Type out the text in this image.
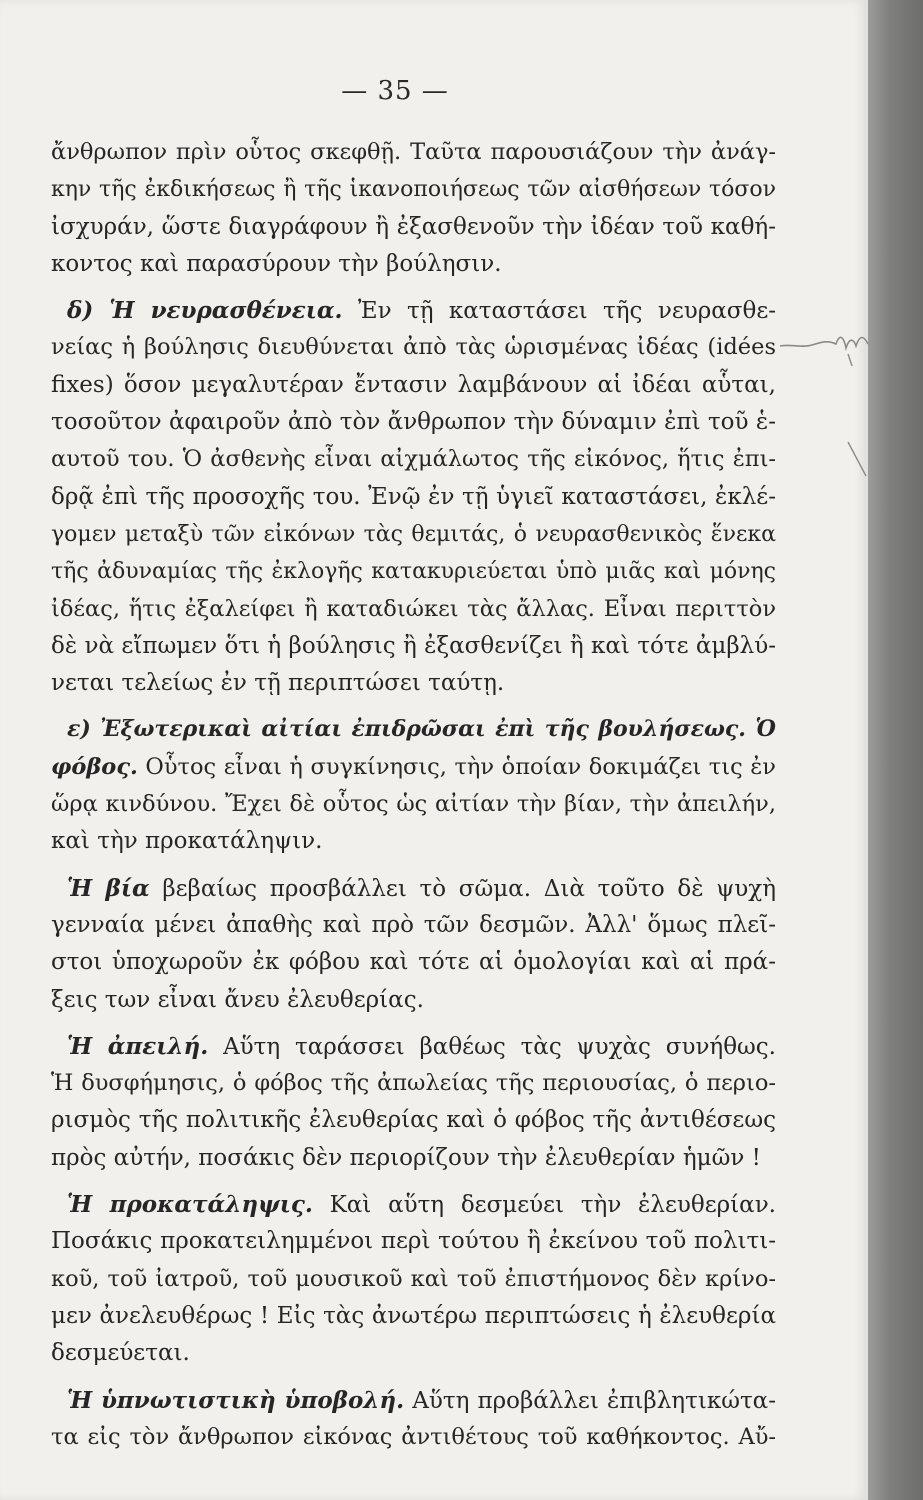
— 35 —
ἄνθρωπον πρὶν οὗτος σκεφθῇ. Ταῦτα παρουσιάζουν τὴν ἀνάγ-
κην τῆς ἐκδικήσεως ἢ τῆς ἱκανοποιήσεως τῶν αἰσθήσεων τόσον
ἰσχυράν, ὥστε διαγράφουν ἢ ἐξασθενοῦν τὴν ἰδέαν τοῦ καθή-
κοντος καὶ παρασύρουν τὴν βούλησιν.
δ) Ἡ νευρασθένεια. Ἐν τῇ καταστάσει τῆς νευρασθε-
νείας ἡ βούλησις διευθύνεται ἀπὸ τὰς ὡρισμένας ἰδέας (idées
fixes) ὅσον μεγαλυτέραν ἔντασιν λαμβάνουν αἱ ἰδέαι αὗται,
τοσοῦτον ἀφαιροῦν ἀπὸ τὸν ἄνθρωπον τὴν δύναμιν ἐπὶ τοῦ ἑ-
αυτοῦ του. Ὁ ἀσθενὴς εἶναι αἰχμάλωτος τῆς εἰκόνος, ἥτις ἐπι-
δρᾷ ἐπὶ τῆς προσοχῆς του. Ἐνῷ ἐν τῇ ὑγιεῖ καταστάσει, ἐκλέ-
γομεν μεταξὺ τῶν εἰκόνων τὰς θεμιτάς, ὁ νευρασθενικὸς ἕνεκα
τῆς ἀδυναμίας τῆς ἐκλογῆς κατακυριεύεται ὑπὸ μιᾶς καὶ μόνης
ἰδέας, ἥτις ἐξαλείφει ἢ καταδιώκει τὰς ἄλλας. Εἶναι περιττὸν
δὲ νὰ εἴπωμεν ὅτι ἡ βούλησις ἢ ἐξασθενίζει ἢ καὶ τότε ἀμβλύ-
νεται τελείως ἐν τῇ περιπτώσει ταύτῃ.
ε) Ἐξωτερικαὶ αἰτίαι ἐπιδρῶσαι ἐπὶ τῆς βουλήσεως. Ὁ
φόβος. Οὗτος εἶναι ἡ συγκίνησις, τὴν ὁποίαν δοκιμάζει τις ἐν
ὥρᾳ κινδύνου. Ἔχει δὲ οὗτος ὡς αἰτίαν τὴν βίαν, τὴν ἀπειλήν,
καὶ τὴν προκατάληψιν.
Ἡ βία βεβαίως προσβάλλει τὸ σῶμα. Διὰ τοῦτο δὲ ψυχὴ
γενναία μένει ἀπαθὴς καὶ πρὸ τῶν δεσμῶν. Ἀλλ' ὅμως πλεῖ-
στοι ὑποχωροῦν ἐκ φόβου καὶ τότε αἱ ὁμολογίαι καὶ αἱ πρά-
ξεις των εἶναι ἄνευ ἐλευθερίας.
Ἡ ἀπειλή. Αὕτη ταράσσει βαθέως τὰς ψυχὰς συνήθως.
Ἡ δυσφήμησις, ὁ φόβος τῆς ἀπωλείας τῆς περιουσίας, ὁ περιο-
ρισμὸς τῆς πολιτικῆς ἐλευθερίας καὶ ὁ φόβος τῆς ἀντιθέσεως
πρὸς αὐτήν, ποσάκις δὲν περιορίζουν τὴν ἐλευθερίαν ἡμῶν !
Ἡ προκατάληψις. Καὶ αὕτη δεσμεύει τὴν ἐλευθερίαν.
Ποσάκις προκατειλημμένοι περὶ τούτου ἢ ἐκείνου τοῦ πολιτι-
κοῦ, τοῦ ἰατροῦ, τοῦ μουσικοῦ καὶ τοῦ ἐπιστήμονος δὲν κρίνο-
μεν ἀνελευθέρως ! Εἰς τὰς ἀνωτέρω περιπτώσεις ἡ ἐλευθερία
δεσμεύεται.
Ἡ ὑπνωτιστικὴ ὑποβολή. Αὕτη προβάλλει ἐπιβλητικώτα-
τα εἰς τὸν ἄνθρωπον εἰκόνας ἀντιθέτους τοῦ καθήκοντος. Αὔ-
